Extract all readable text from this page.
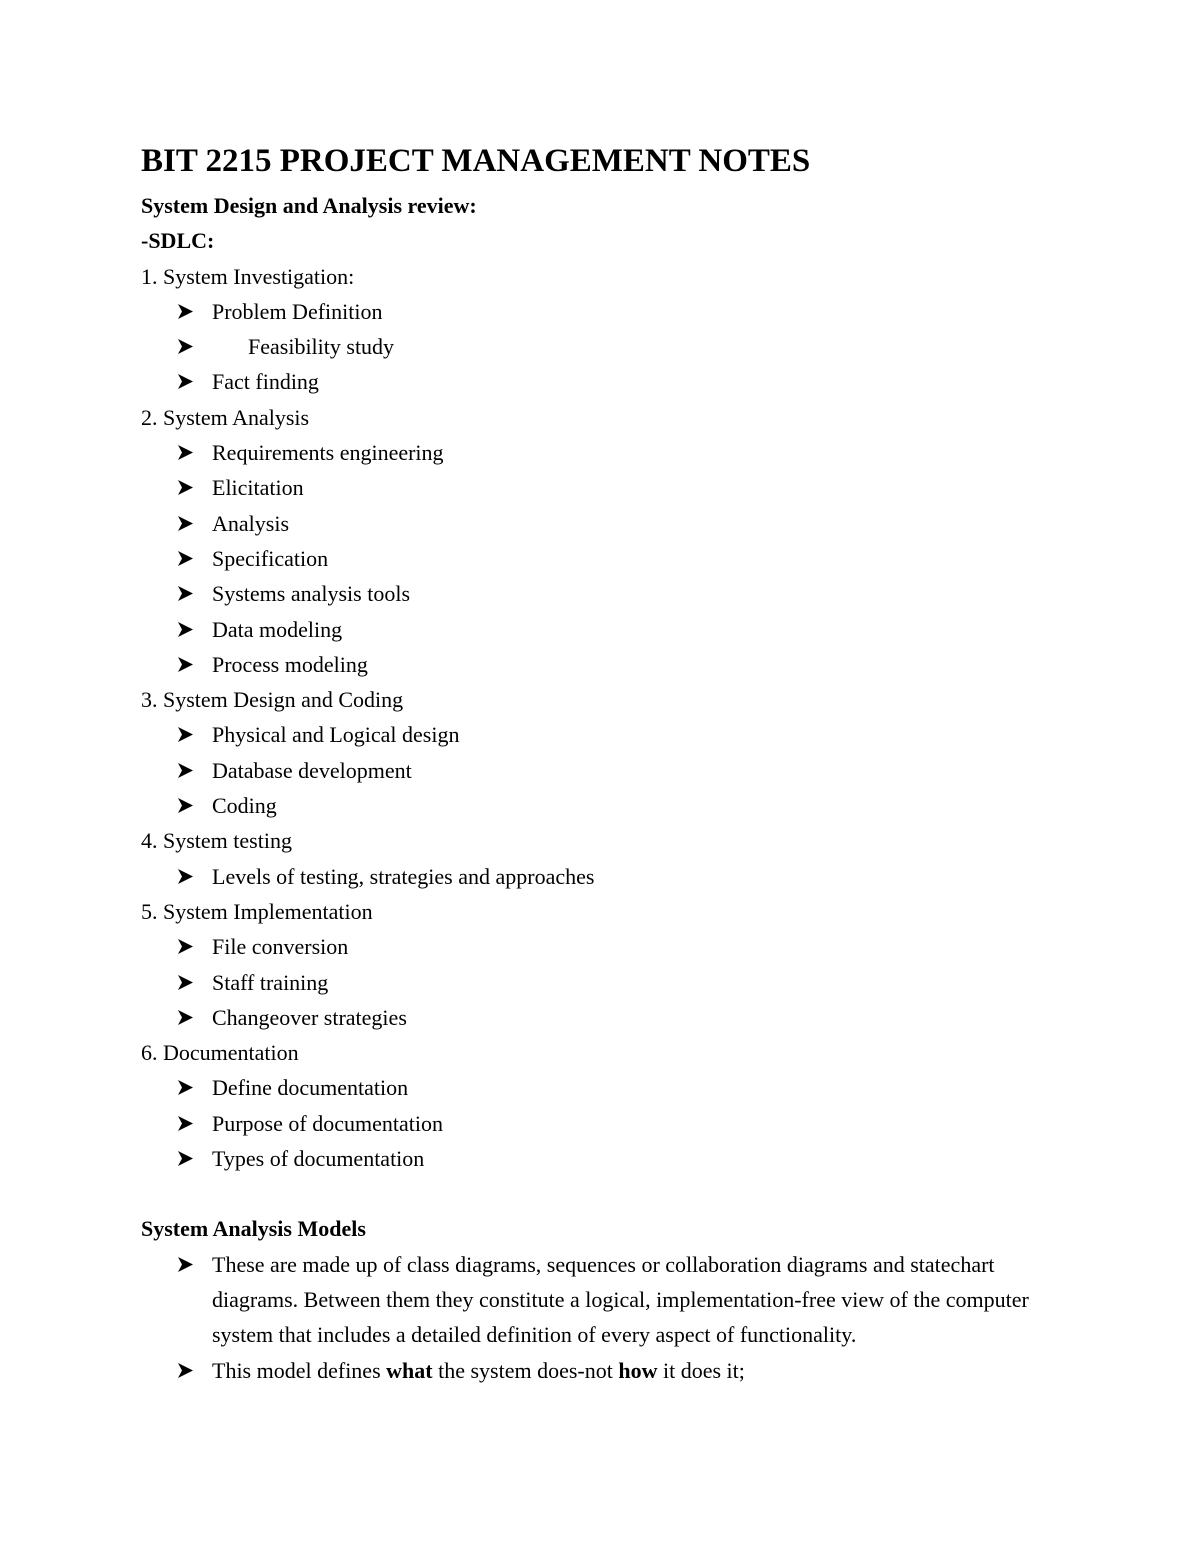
BIT 2215 PROJECT MANAGEMENT NOTES
System Design and Analysis review:
-SDLC:
1. System Investigation:
Problem Definition
Feasibility study
Fact finding
2. System Analysis
Requirements engineering
Elicitation
Analysis
Specification
Systems analysis tools
Data modeling
Process modeling
3. System Design and Coding
Physical and Logical design
Database development
Coding
4. System testing
Levels of testing, strategies and approaches
5. System Implementation
File conversion
Staff training
Changeover strategies
6. Documentation
Define documentation
Purpose of documentation
Types of documentation
System Analysis Models
These are made up of class diagrams, sequences or collaboration diagrams and statechart diagrams. Between them they constitute a logical, implementation-free view of the computer system that includes a detailed definition of every aspect of functionality.
This model defines what the system does-not how it does it;
